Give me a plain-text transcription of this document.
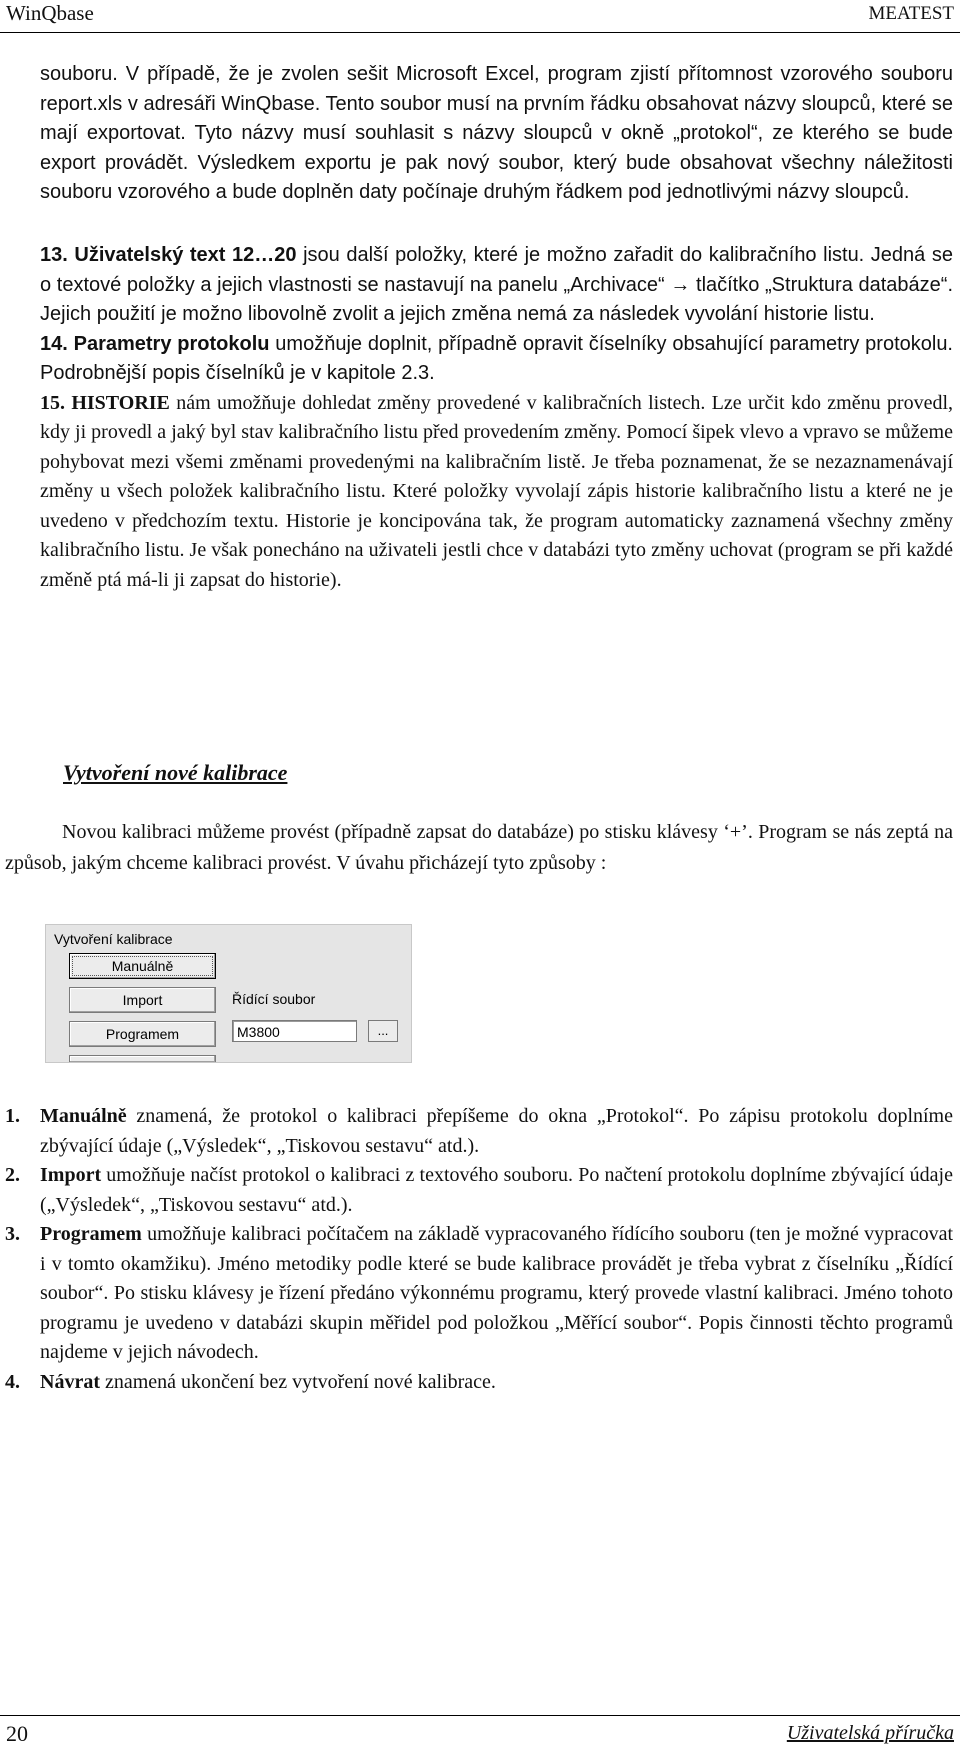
WinQbase	MEATEST

souboru. V případě, že je zvolen sešit Microsoft Excel, program zjistí přítomnost vzorového souboru report.xls v adresáři WinQbase. Tento soubor musí na prvním řádku obsahovat názvy sloupců, které se mají exportovat. Tyto názvy musí souhlasit s názvy sloupců v okně „protokol“, ze kterého se bude export provádět. Výsledkem exportu je pak nový soubor, který bude obsahovat všechny náležitosti souboru vzorového a bude doplněn daty počínaje druhým řádkem pod jednotlivými názvy sloupců.

13. Uživatelský text 12…20 jsou další položky, které je možno zařadit do kalibračního listu. Jedná se o textové položky a jejich vlastnosti se nastavují na panelu „Archivace“ → tlačítko „Struktura databáze“. Jejich použití je možno libovolně zvolit a jejich změna nemá za následek vyvolání historie listu.

14. Parametry protokolu umožňuje doplnit, případně opravit číselníky obsahující parametry protokolu. Podrobnější popis číselníků je v kapitole 2.3.

15. HISTORIE nám umožňuje dohledat změny provedené v kalibračních listech. Lze určit kdo změnu provedl, kdy ji provedl a jaký byl stav kalibračního listu před provedením změny. Pomocí šipek vlevo a vpravo se můžeme pohybovat mezi všemi změnami provedenými na kalibračním listě. Je třeba poznamenat, že se nezaznamenávají změny u všech položek kalibračního listu. Které položky vyvolají zápis historie kalibračního listu a které ne je uvedeno v předchozím textu. Historie je koncipována tak, že program automaticky zaznamená všechny změny kalibračního listu. Je však ponecháno na uživateli jestli chce v databázi tyto změny uchovat (program se při každé změně ptá má-li ji zapsat do historie).

Vytvoření nové kalibrace

Novou kalibraci můžeme provést (případně zapsat do databáze) po stisku klávesy ‘+’. Program se nás zeptá na způsob, jakým chceme kalibraci provést. V úvahu přicházejí tyto způsoby :

Vytvoření kalibrace
Manuálně
Import
Programem
Řídící soubor
M3800	...
1. Manuálně znamená, že protokol o kalibraci přepíšeme do okna „Protokol“. Po zápisu protokolu doplníme zbývající údaje („Výsledek“, „Tiskovou sestavu“ atd.).
2. Import umožňuje načíst protokol o kalibraci z textového souboru. Po načtení protokolu doplníme zbývající údaje („Výsledek“, „Tiskovou sestavu“ atd.).
3. Programem umožňuje kalibraci počítačem na základě vypracovaného řídícího souboru (ten je možné vypracovat i v tomto okamžiku). Jméno metodiky podle které se bude kalibrace provádět je třeba vybrat z číselníku „Řídící soubor“. Po stisku klávesy je řízení předáno výkonnému programu, který provede vlastní kalibraci. Jméno tohoto programu je uvedeno v databázi skupin měřidel pod položkou „Měřící soubor“. Popis činnosti těchto programů najdeme v jejich návodech.
4. Návrat znamená ukončení bez vytvoření nové kalibrace.
20	Uživatelská příručka
